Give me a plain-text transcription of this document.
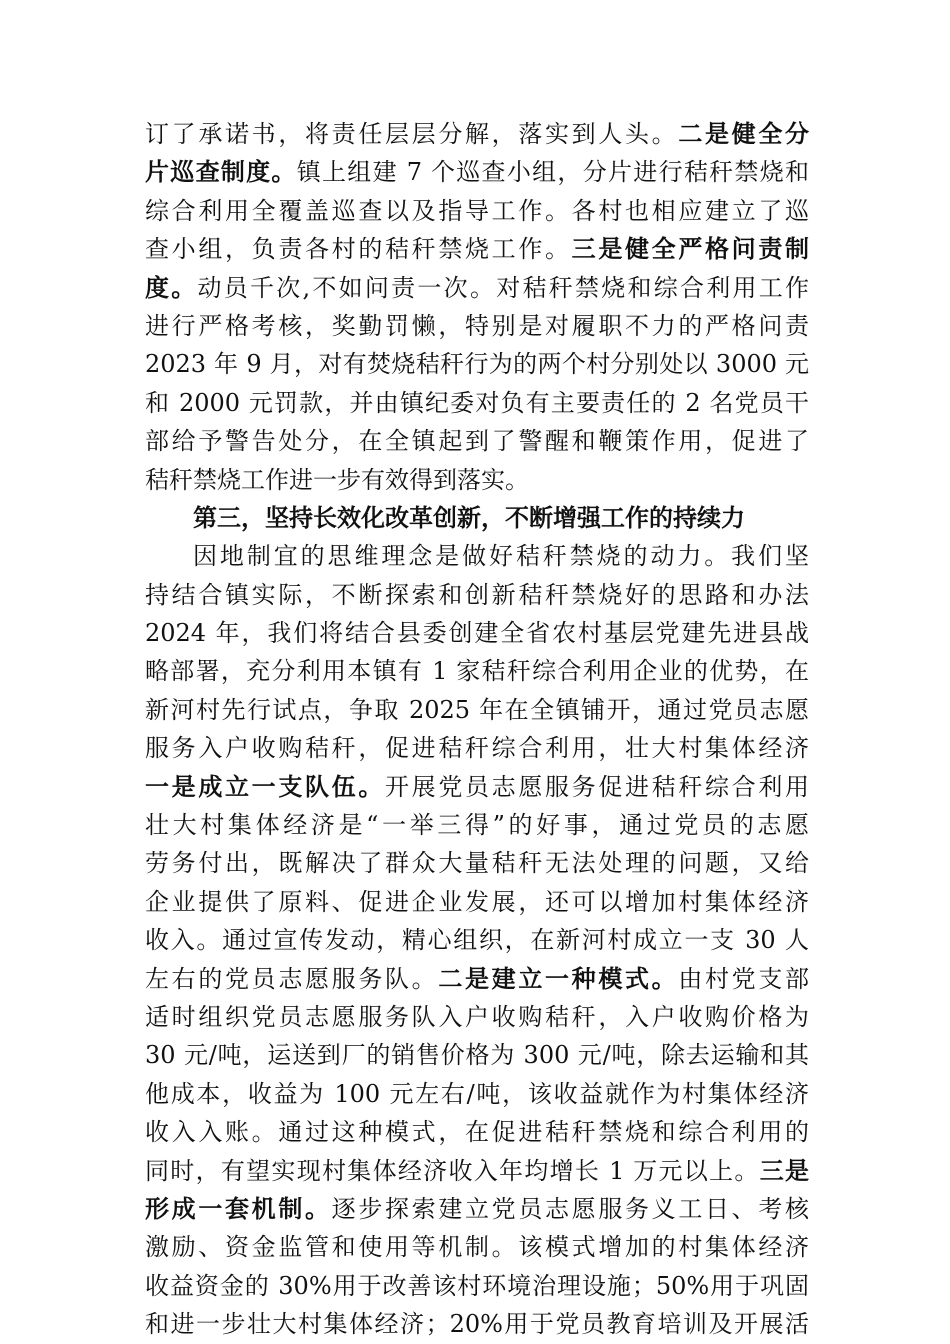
订了承诺书，将责任层层分解，落实到人头。二是健全分
片巡查制度。镇上组建 7 个巡查小组，分片进行秸秆禁烧和
综合利用全覆盖巡查以及指导工作。各村也相应建立了巡
查小组，负责各村的秸秆禁烧工作。三是健全严格问责制
度。动员千次,不如问责一次。对秸秆禁烧和综合利用工作
进行严格考核，奖勤罚懒，特别是对履职不力的严格问责
2023 年 9 月，对有焚烧秸秆行为的两个村分别处以 3000 元
和 2000 元罚款，并由镇纪委对负有主要责任的 2 名党员干
部给予警告处分，在全镇起到了警醒和鞭策作用，促进了
秸秆禁烧工作进一步有效得到落实。
第三，坚持长效化改革创新，不断增强工作的持续力
因地制宜的思维理念是做好秸秆禁烧的动力。我们坚
持结合镇实际，不断探索和创新秸秆禁烧好的思路和办法
2024 年，我们将结合县委创建全省农村基层党建先进县战
略部署，充分利用本镇有 1 家秸秆综合利用企业的优势，在
新河村先行试点，争取 2025 年在全镇铺开，通过党员志愿
服务入户收购秸秆，促进秸秆综合利用，壮大村集体经济
一是成立一支队伍。开展党员志愿服务促进秸秆综合利用
壮大村集体经济是“一举三得”的好事，通过党员的志愿
劳务付出，既解决了群众大量秸秆无法处理的问题，又给
企业提供了原料、促进企业发展，还可以增加村集体经济
收入。通过宣传发动，精心组织，在新河村成立一支 30 人
左右的党员志愿服务队。二是建立一种模式。由村党支部
适时组织党员志愿服务队入户收购秸秆，入户收购价格为
30 元/吨，运送到厂的销售价格为 300 元/吨，除去运输和其
他成本，收益为 100 元左右/吨，该收益就作为村集体经济
收入入账。通过这种模式，在促进秸秆禁烧和综合利用的
同时，有望实现村集体经济收入年均增长 1 万元以上。三是
形成一套机制。逐步探索建立党员志愿服务义工日、考核
激励、资金监管和使用等机制。该模式增加的村集体经济
收益资金的 30%用于改善该村环境治理设施；50%用于巩固
和进一步壮大村集体经济；20%用于党员教育培训及开展活
